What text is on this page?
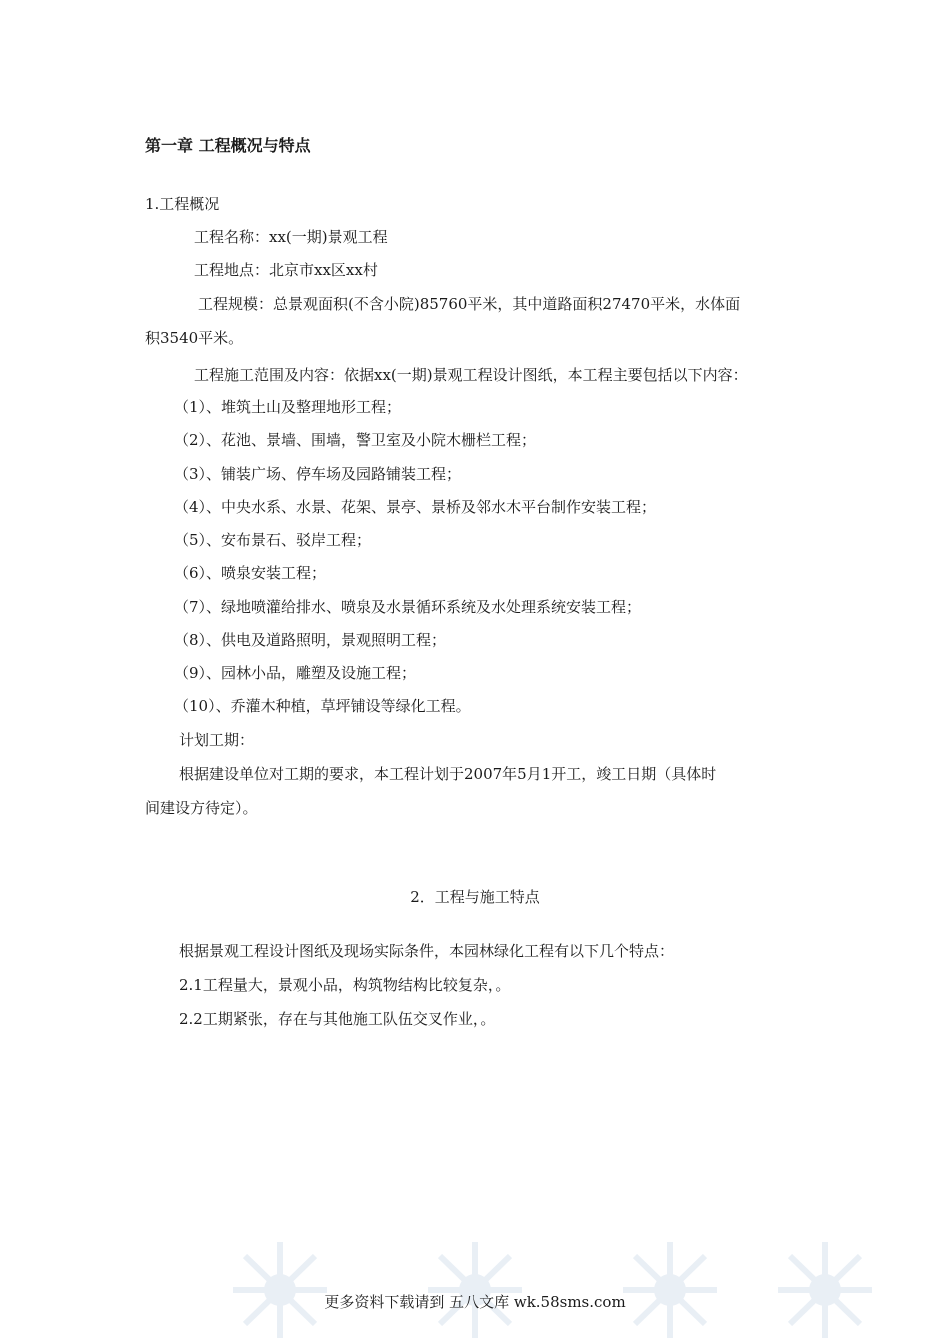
第一章 工程概况与特点
1.工程概况
工程名称：xx(一期)景观工程
工程地点：北京市xx区xx村
工程规模：总景观面积(不含小院)85760平米，其中道路面积27470平米，水体面
积3540平米。
工程施工范围及内容：依据xx(一期)景观工程设计图纸，本工程主要包括以下内容：
（1）、堆筑土山及整理地形工程；
（2）、花池、景墙、围墙，警卫室及小院木栅栏工程；
（3）、铺装广场、停车场及园路铺装工程；
（4）、中央水系、水景、花架、景亭、景桥及邻水木平台制作安装工程；
（5）、安布景石、驳岸工程；
（6）、喷泉安装工程；
（7）、绿地喷灌给排水、喷泉及水景循环系统及水处理系统安装工程；
（8）、供电及道路照明，景观照明工程；
（9）、园林小品，雕塑及设施工程；
（10）、乔灌木种植，草坪铺设等绿化工程。
计划工期：
根据建设单位对工期的要求，本工程计划于2007年5月1开工，竣工日期（具体时
间建设方待定）。
2．工程与施工特点
根据景观工程设计图纸及现场实际条件，本园林绿化工程有以下几个特点：
2.1工程量大，景观小品，构筑物结构比较复杂，。
2.2工期紧张，存在与其他施工队伍交叉作业，。
更多资料下载请到 五八文库 wk.58sms.com
